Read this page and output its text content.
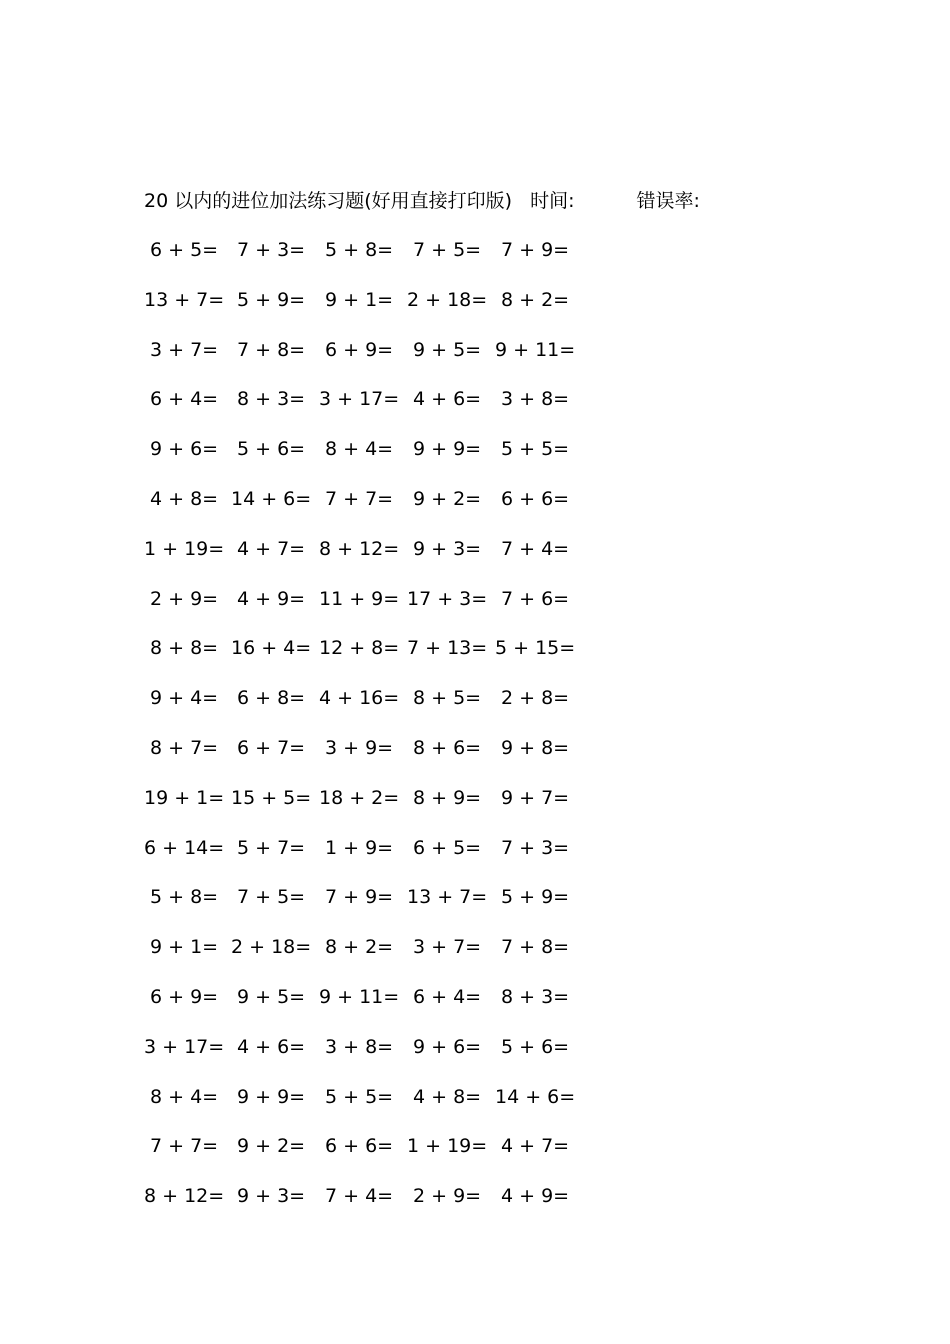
20 以内的进位加法练习题(好用直接打印版) 时间:	错误率:
6 + 5= 7 + 3= 5 + 8= 7 + 5= 7 + 9=
13 + 7= 5 + 9= 9 + 1= 2 + 18= 8 + 2=
3 + 7= 7 + 8= 6 + 9= 9 + 5= 9 + 11=
6 + 4= 8 + 3= 3 + 17= 4 + 6= 3 + 8=
9 + 6= 5 + 6= 8 + 4= 9 + 9= 5 + 5=
4 + 8= 14 + 6= 7 + 7= 9 + 2= 6 + 6=
1 + 19= 4 + 7= 8 + 12= 9 + 3= 7 + 4=
2 + 9= 4 + 9= 11 + 9= 17 + 3= 7 + 6=
8 + 8= 16 + 4= 12 + 8= 7 + 13= 5 + 15=
9 + 4= 6 + 8= 4 + 16= 8 + 5= 2 + 8=
8 + 7= 6 + 7= 3 + 9= 8 + 6= 9 + 8=
19 + 1= 15 + 5= 18 + 2= 8 + 9= 9 + 7=
6 + 14= 5 + 7= 1 + 9= 6 + 5= 7 + 3=
5 + 8= 7 + 5= 7 + 9= 13 + 7= 5 + 9=
9 + 1= 2 + 18= 8 + 2= 3 + 7= 7 + 8=
6 + 9= 9 + 5= 9 + 11= 6 + 4= 8 + 3=
3 + 17= 4 + 6= 3 + 8= 9 + 6= 5 + 6=
8 + 4= 9 + 9= 5 + 5= 4 + 8= 14 + 6=
7 + 7= 9 + 2= 6 + 6= 1 + 19= 4 + 7=
8 + 12= 9 + 3= 7 + 4= 2 + 9= 4 + 9=
